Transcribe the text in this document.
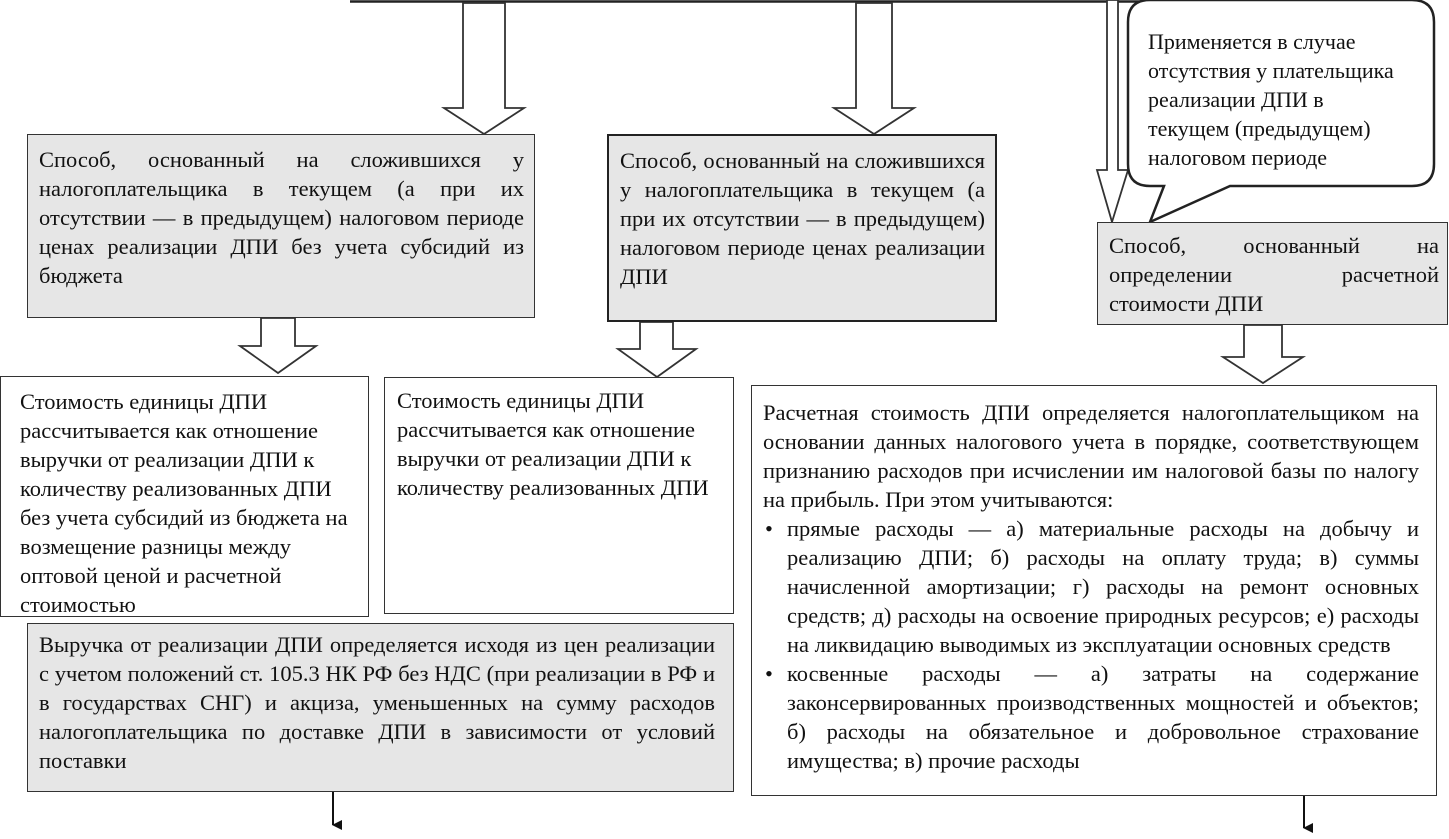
Способ, основанный на сложившихся у налогоплательщика в текущем (а при их отсутствии — в предыдущем) налоговом периоде ценах реализации ДПИ без учета субсидий из бюджета

Способ, основанный на сложившихся у налогоплательщика в текущем (а при их отсутствии — в предыдущем) налоговом периоде ценах реализации ДПИ

Способ, основанный на определении расчетной стоимости ДПИ

Применяется в случае отсутствия у плательщика реализации ДПИ в текущем (предыдущем) налоговом периоде

Стоимость единицы ДПИ рассчитывается как отношение выручки от реализации ДПИ к количеству реализованных ДПИ без учета субсидий из бюджета на возмещение разницы между оптовой ценой и расчетной стоимостью

Стоимость единицы ДПИ рассчитывается как отношение выручки от реализации ДПИ к количеству реализованных ДПИ

Выручка от реализации ДПИ определяется исходя из цен реализации с учетом положений ст. 105.3 НК РФ без НДС (при реализации в РФ и в государствах СНГ) и акциза, уменьшенных на сумму расходов налогоплательщика по доставке ДПИ в зависимости от условий поставки

Расчетная стоимость ДПИ определяется налогоплательщиком на основании данных налогового учета в порядке, соответствующем признанию расходов при исчислении им налоговой базы по налогу на прибыль. При этом учитываются:

• прямые расходы — а) материальные расходы на добычу и реализацию ДПИ; б) расходы на оплату труда; в) суммы начисленной амортизации; г) расходы на ремонт основных средств; д) расходы на освоение природных ресурсов; е) расходы на ликвидацию выводимых из эксплуатации основных средств
• косвенные расходы — а) затраты на содержание законсервированных производственных мощностей и объектов; б) расходы на обязательное и добровольное страхование имущества; в) прочие расходы
